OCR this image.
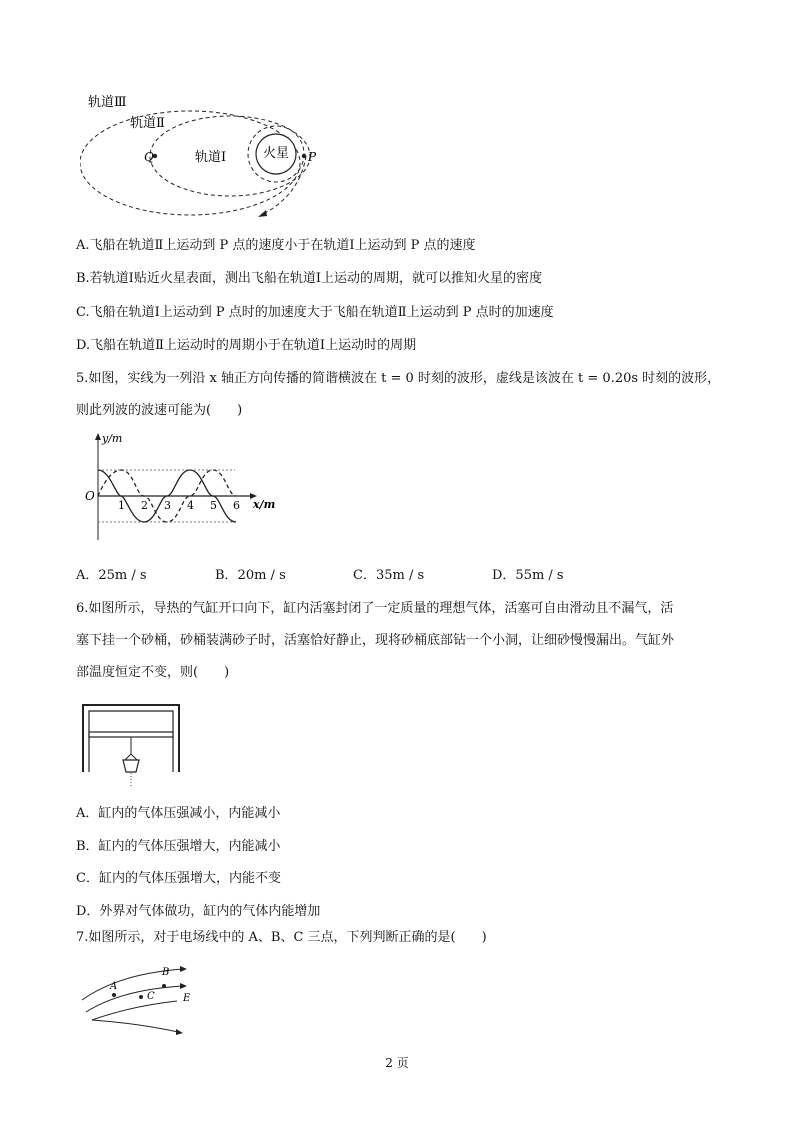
轨道Ⅲ
轨道Ⅱ
轨道Ⅰ	火星
Q	P
A.飞船在轨道Ⅱ上运动到 P 点的速度小于在轨道Ⅰ上运动到 P 点的速度
B.若轨道Ⅰ贴近火星表面，测出飞船在轨道Ⅰ上运动的周期，就可以推知火星的密度
C.飞船在轨道Ⅰ上运动到 P 点时的加速度大于飞船在轨道Ⅱ上运动到 P 点时的加速度
D.飞船在轨道Ⅱ上运动时的周期小于在轨道Ⅰ上运动时的周期
5.如图，实线为一列沿 x 轴正方向传播的简谐横波在 t = 0 时刻的波形，虚线是该波在 t = 0.20s 时刻的波形，
则此列波的波速可能为(　　)
y/m
x/m
O
1 2 3 4 5 6
A．25m / s	B．20m / s	C．35m / s	D．55m / s
6.如图所示，导热的气缸开口向下，缸内活塞封闭了一定质量的理想气体，活塞可自由滑动且不漏气，活
塞下挂一个砂桶，砂桶装满砂子时，活塞恰好静止，现将砂桶底部钻一个小洞，让细砂慢慢漏出。气缸外
部温度恒定不变，则(　　)
A．缸内的气体压强减小，内能减小
B．缸内的气体压强增大，内能减小
C．缸内的气体压强增大，内能不变
D．外界对气体做功，缸内的气体内能增加
7.如图所示，对于电场线中的 A、B、C 三点，下列判断正确的是(　　)
A
B
C	E
2 页
